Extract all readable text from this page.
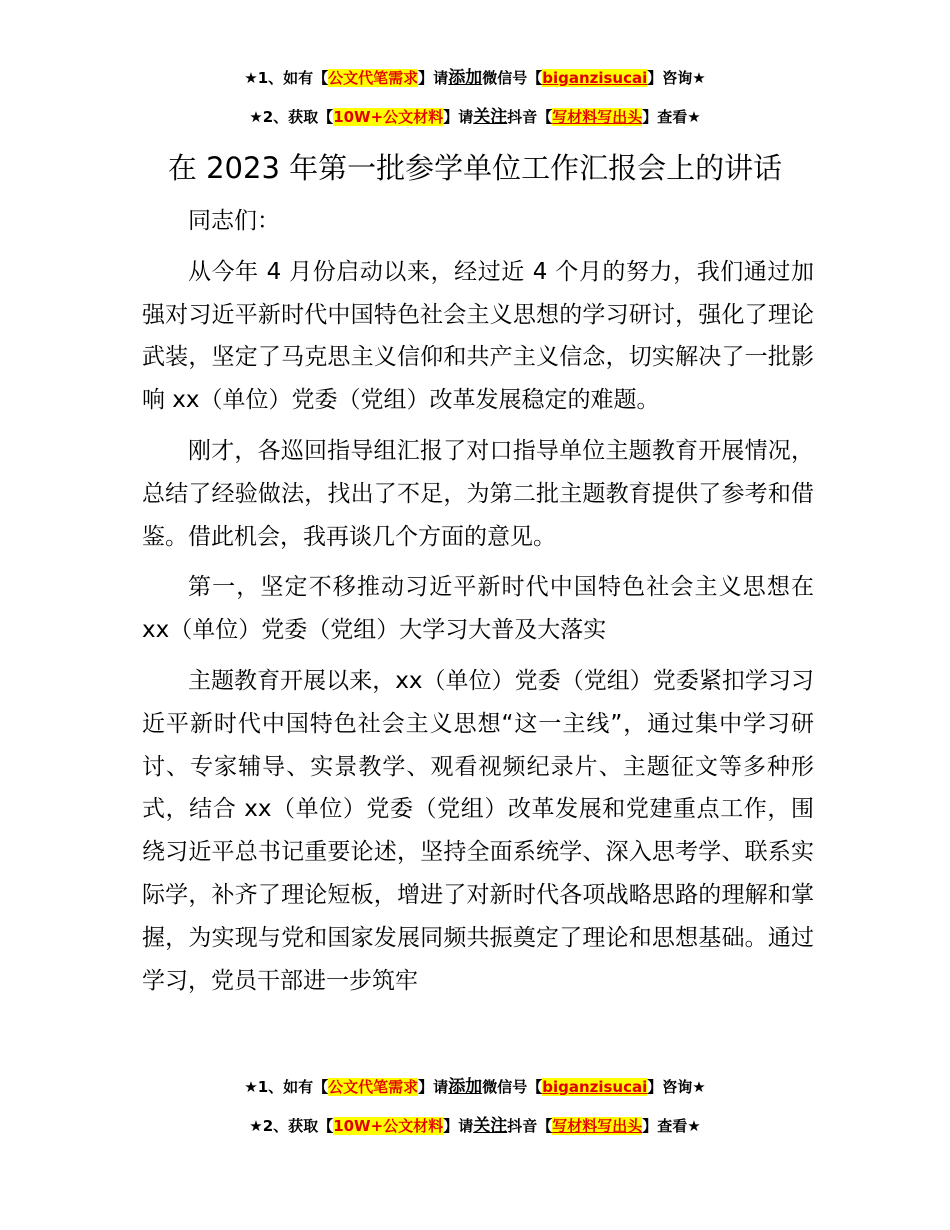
★1、如有【公文代笔需求】请添加微信号【biganzisucai】咨询★
★2、获取【10W+公文材料】请关注抖音【写材料写出头】查看★
在 2023 年第一批参学单位工作汇报会上的讲话

同志们：

从今年 4 月份启动以来，经过近 4 个月的努力，我们通过加强对习近平新时代中国特色社会主义思想的学习研讨，强化了理论武装，坚定了马克思主义信仰和共产主义信念，切实解决了一批影响 xx（单位）党委（党组）改革发展稳定的难题。

刚才，各巡回指导组汇报了对口指导单位主题教育开展情况，总结了经验做法，找出了不足，为第二批主题教育提供了参考和借鉴。借此机会，我再谈几个方面的意见。

第一，坚定不移推动习近平新时代中国特色社会主义思想在 xx（单位）党委（党组）大学习大普及大落实

主题教育开展以来，xx（单位）党委（党组）党委紧扣学习习近平新时代中国特色社会主义思想“这一主线”，通过集中学习研讨、专家辅导、实景教学、观看视频纪录片、主题征文等多种形式，结合 xx（单位）党委（党组）改革发展和党建重点工作，围绕习近平总书记重要论述，坚持全面系统学、深入思考学、联系实际学，补齐了理论短板，增进了对新时代各项战略思路的理解和掌握，为实现与党和国家发展同频共振奠定了理论和思想基础。通过学习，党员干部进一步筑牢

★1、如有【公文代笔需求】请添加微信号【biganzisucai】咨询★
★2、获取【10W+公文材料】请关注抖音【写材料写出头】查看★
